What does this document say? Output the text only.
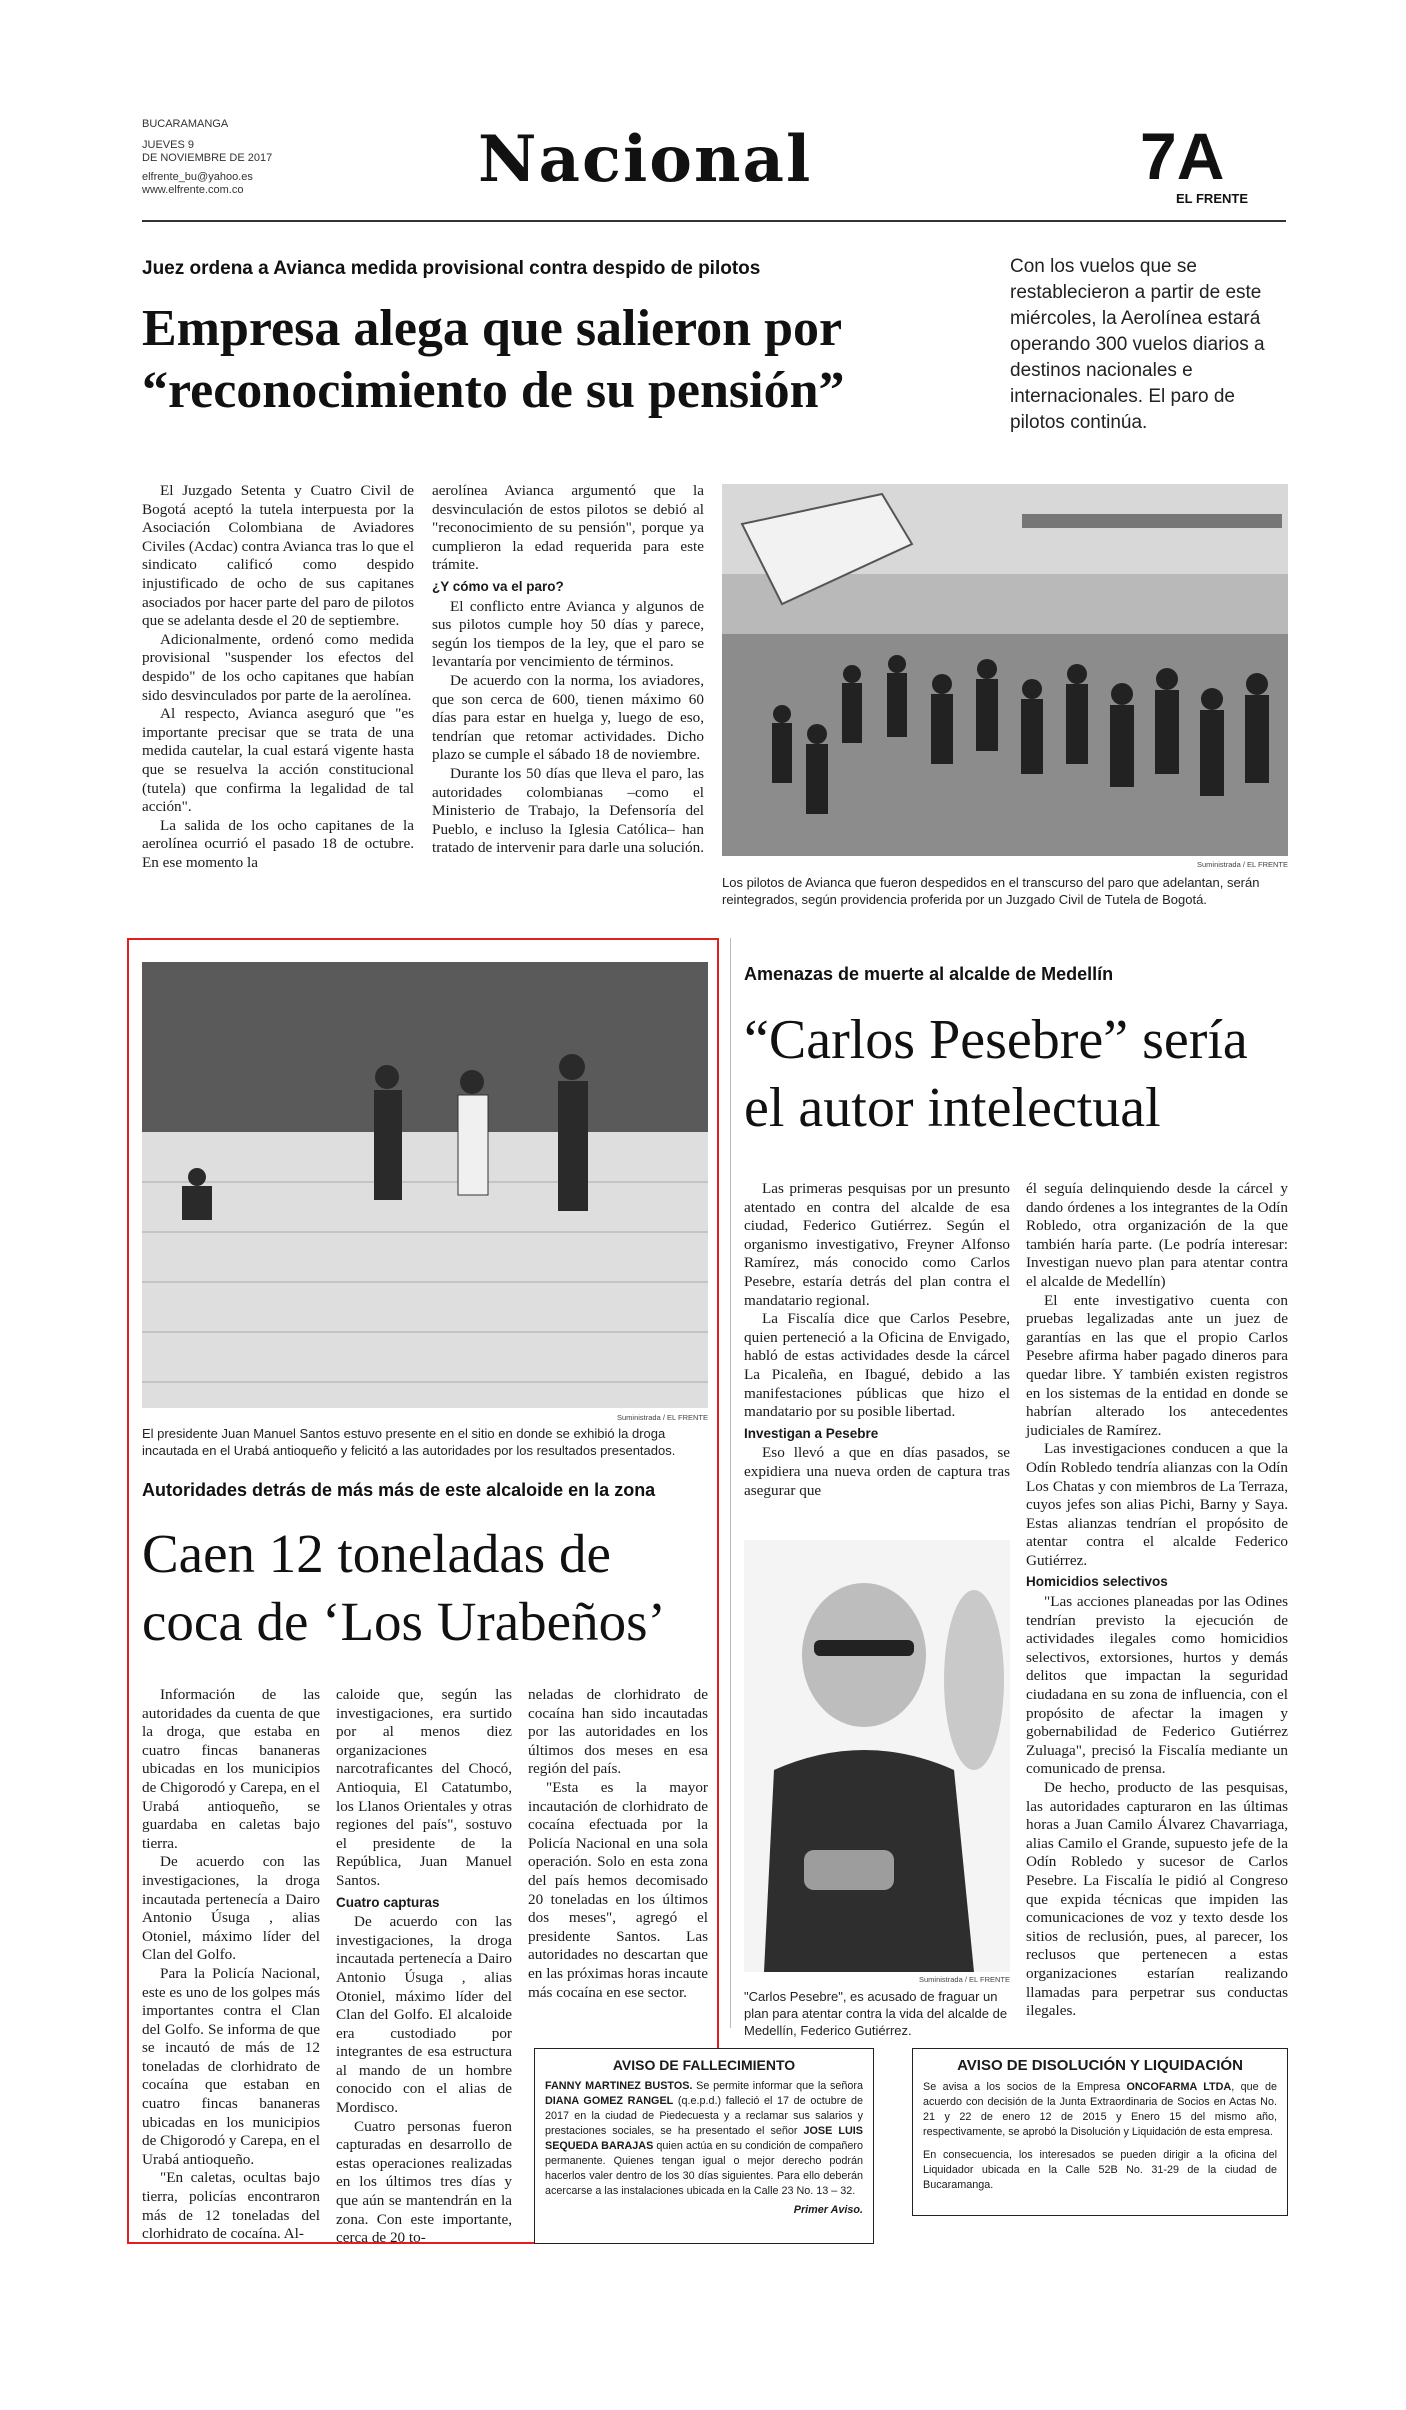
BUCARAMANGA
JUEVES 9
DE NOVIEMBRE DE 2017
elfrente_bu@yahoo.es
www.elfrente.com.co	Nacional	7A
EL FRENTE
Juez ordena a Avianca medida provisional contra despido de pilotos
Empresa alega que salieron por
“reconocimiento de su pensión”
Con los vuelos que se restablecieron a partir de este miércoles, la Aerolínea estará operando 300 vuelos diarios a destinos nacionales e internacionales. El paro de pilotos continúa.

El Juzgado Setenta y Cuatro Civil de Bogotá aceptó la tutela interpuesta por la Asociación Colombiana de Aviadores Civiles (Acdac) contra Avianca tras lo que el sindicato calificó como despido injustificado de ocho de sus capitanes asociados por hacer parte del paro de pilotos que se adelanta desde el 20 de septiembre.

Adicionalmente, ordenó como medida provisional "suspender los efectos del despido" de los ocho capitanes que habían sido desvinculados por parte de la aerolínea.

Al respecto, Avianca aseguró que "es importante precisar que se trata de una medida cautelar, la cual estará vigente hasta que se resuelva la acción constitucional (tutela) que confirma la legalidad de tal acción".

La salida de los ocho capitanes de la aerolínea ocurrió el pasado 18 de octubre. En ese momento la

aerolínea Avianca argumentó que la desvinculación de estos pilotos se debió al "reconocimiento de su pensión", porque ya cumplieron la edad requerida para este trámite.

¿Y cómo va el paro?

El conflicto entre Avianca y algunos de sus pilotos cumple hoy 50 días y parece, según los tiempos de la ley, que el paro se levantaría por vencimiento de términos.

De acuerdo con la norma, los aviadores, que son cerca de 600, tienen máximo 60 días para estar en huelga y, luego de eso, tendrían que retomar actividades. Dicho plazo se cumple el sábado 18 de noviembre.

Durante los 50 días que lleva el paro, las autoridades colombianas –como el Ministerio de Trabajo, la Defensoría del Pueblo, e incluso la Iglesia Católica– han tratado de intervenir para darle una solución.

Suministrada / EL FRENTE
Los pilotos de Avianca que fueron despedidos en el transcurso del paro que adelantan, serán reintegrados, según providencia proferida por un Juzgado Civil de Tutela de Bogotá.
Suministrada / EL FRENTE
El presidente Juan Manuel Santos estuvo presente en el sitio en donde se exhibió la droga incautada en el Urabá antioqueño y felicitó a las autoridades por los resultados presentados.
Autoridades detrás de más más de este alcaloide en la zona
Caen 12 toneladas de
coca de ‘Los Urabeños’

Información de las autoridades da cuenta de que la droga, que estaba en cuatro fincas bananeras ubicadas en los municipios de Chigorodó y Carepa, en el Urabá antioqueño, se guardaba en caletas bajo tierra.

De acuerdo con las investigaciones, la droga incautada pertenecía a Dairo Antonio Úsuga , alias Otoniel, máximo líder del Clan del Golfo.

Para la Policía Nacional, este es uno de los golpes más importantes contra el Clan del Golfo. Se informa de que se incautó de más de 12 toneladas de clorhidrato de cocaína que estaban en cuatro fincas bananeras ubicadas en los municipios de Chigorodó y Carepa, en el Urabá antioqueño.

"En caletas, ocultas bajo tierra, policías encontraron más de 12 toneladas del clorhidrato de cocaína. Al-

caloide que, según las investigaciones, era surtido por al menos diez organizaciones narcotraficantes del Chocó, Antioquia, El Catatumbo, los Llanos Orientales y otras regiones del país", sostuvo el presidente de la República, Juan Manuel Santos.

Cuatro capturas

De acuerdo con las investigaciones, la droga incautada pertenecía a Dairo Antonio Úsuga , alias Otoniel, máximo líder del Clan del Golfo. El alcaloide era custodiado por integrantes de esa estructura al mando de un hombre conocido con el alias de Mordisco.

Cuatro personas fueron capturadas en desarrollo de estas operaciones realizadas en los últimos tres días y que aún se mantendrán en la zona. Con este importante, cerca de 20 to-

neladas de clorhidrato de cocaína han sido incautadas por las autoridades en los últimos dos meses en esa región del país.

"Esta es la mayor incautación de clorhidrato de cocaína efectuada por la Policía Nacional en una sola operación. Solo en esta zona del país hemos decomisado 20 toneladas en los últimos dos meses", agregó el presidente Santos. Las autoridades no descartan que en las próximas horas incaute más cocaína en ese sector.

Amenazas de muerte al alcalde de Medellín
“Carlos Pesebre” sería
el autor intelectual

Las primeras pesquisas por un presunto atentado en contra del alcalde de esa ciudad, Federico Gutiérrez. Según el organismo investigativo, Freyner Alfonso Ramírez, más conocido como Carlos Pesebre, estaría detrás del plan contra el mandatario regional.

La Fiscalía dice que Carlos Pesebre, quien perteneció a la Oficina de Envigado, habló de estas actividades desde la cárcel La Picaleña, en Ibagué, debido a las manifestaciones públicas que hizo el mandatario por su posible libertad.

Investigan a Pesebre

Eso llevó a que en días pasados, se expidiera una nueva orden de captura tras asegurar que

Suministrada / EL FRENTE
"Carlos Pesebre", es acusado de fraguar un plan para atentar contra la vida del alcalde de Medellín, Federico Gutiérrez.

él seguía delinquiendo desde la cárcel y dando órdenes a los integrantes de la Odín Robledo, otra organización de la que también haría parte. (Le podría interesar: Investigan nuevo plan para atentar contra el alcalde de Medellín)

El ente investigativo cuenta con pruebas legalizadas ante un juez de garantías en las que el propio Carlos Pesebre afirma haber pagado dineros para quedar libre. Y también existen registros en los sistemas de la entidad en donde se habrían alterado los antecedentes judiciales de Ramírez.

Las investigaciones conducen a que la Odín Robledo tendría alianzas con la Odín Los Chatas y con miembros de La Terraza, cuyos jefes son alias Pichi, Barny y Saya. Estas alianzas tendrían el propósito de atentar contra el alcalde Federico Gutiérrez.

Homicidios selectivos

"Las acciones planeadas por las Odines tendrían previsto la ejecución de actividades ilegales como homicidios selectivos, extorsiones, hurtos y demás delitos que impactan la seguridad ciudadana en su zona de influencia, con el propósito de afectar la imagen y gobernabilidad de Federico Gutiérrez Zuluaga", precisó la Fiscalía mediante un comunicado de prensa.

De hecho, producto de las pesquisas, las autoridades capturaron en las últimas horas a Juan Camilo Álvarez Chavarriaga, alias Camilo el Grande, supuesto jefe de la Odín Robledo y sucesor de Carlos Pesebre. La Fiscalía le pidió al Congreso que expida técnicas que impiden las comunicaciones de voz y texto desde los sitios de reclusión, pues, al parecer, los reclusos que pertenecen a estas organizaciones estarían realizando llamadas para perpetrar sus conductas ilegales.

AVISO DE FALLECIMIENTO
FANNY MARTINEZ BUSTOS. Se permite informar que la señora DIANA GOMEZ RANGEL (q.e.p.d.) falleció el 17 de octubre de 2017 en la ciudad de Piedecuesta y a reclamar sus salarios y prestaciones sociales, se ha presentado el señor JOSE LUIS SEQUEDA BARAJAS quien actúa en su condición de compañero permanente. Quienes tengan igual o mejor derecho podrán hacerlos valer dentro de los 30 días siguientes. Para ello deberán acercarse a las instalaciones ubicada en la Calle 23 No. 13 – 32.
Primer Aviso.
AVISO DE DISOLUCIÓN Y LIQUIDACIÓN
Se avisa a los socios de la Empresa ONCOFARMA LTDA, que de acuerdo con decisión de la Junta Extraordinaria de Socios en Actas No. 21 y 22 de enero 12 de 2015 y Enero 15 del mismo año, respectivamente, se aprobó la Disolución y Liquidación de esta empresa.
En consecuencia, los interesados se pueden dirigir a la oficina del Liquidador ubicada en la Calle 52B No. 31-29 de la ciudad de Bucaramanga.
